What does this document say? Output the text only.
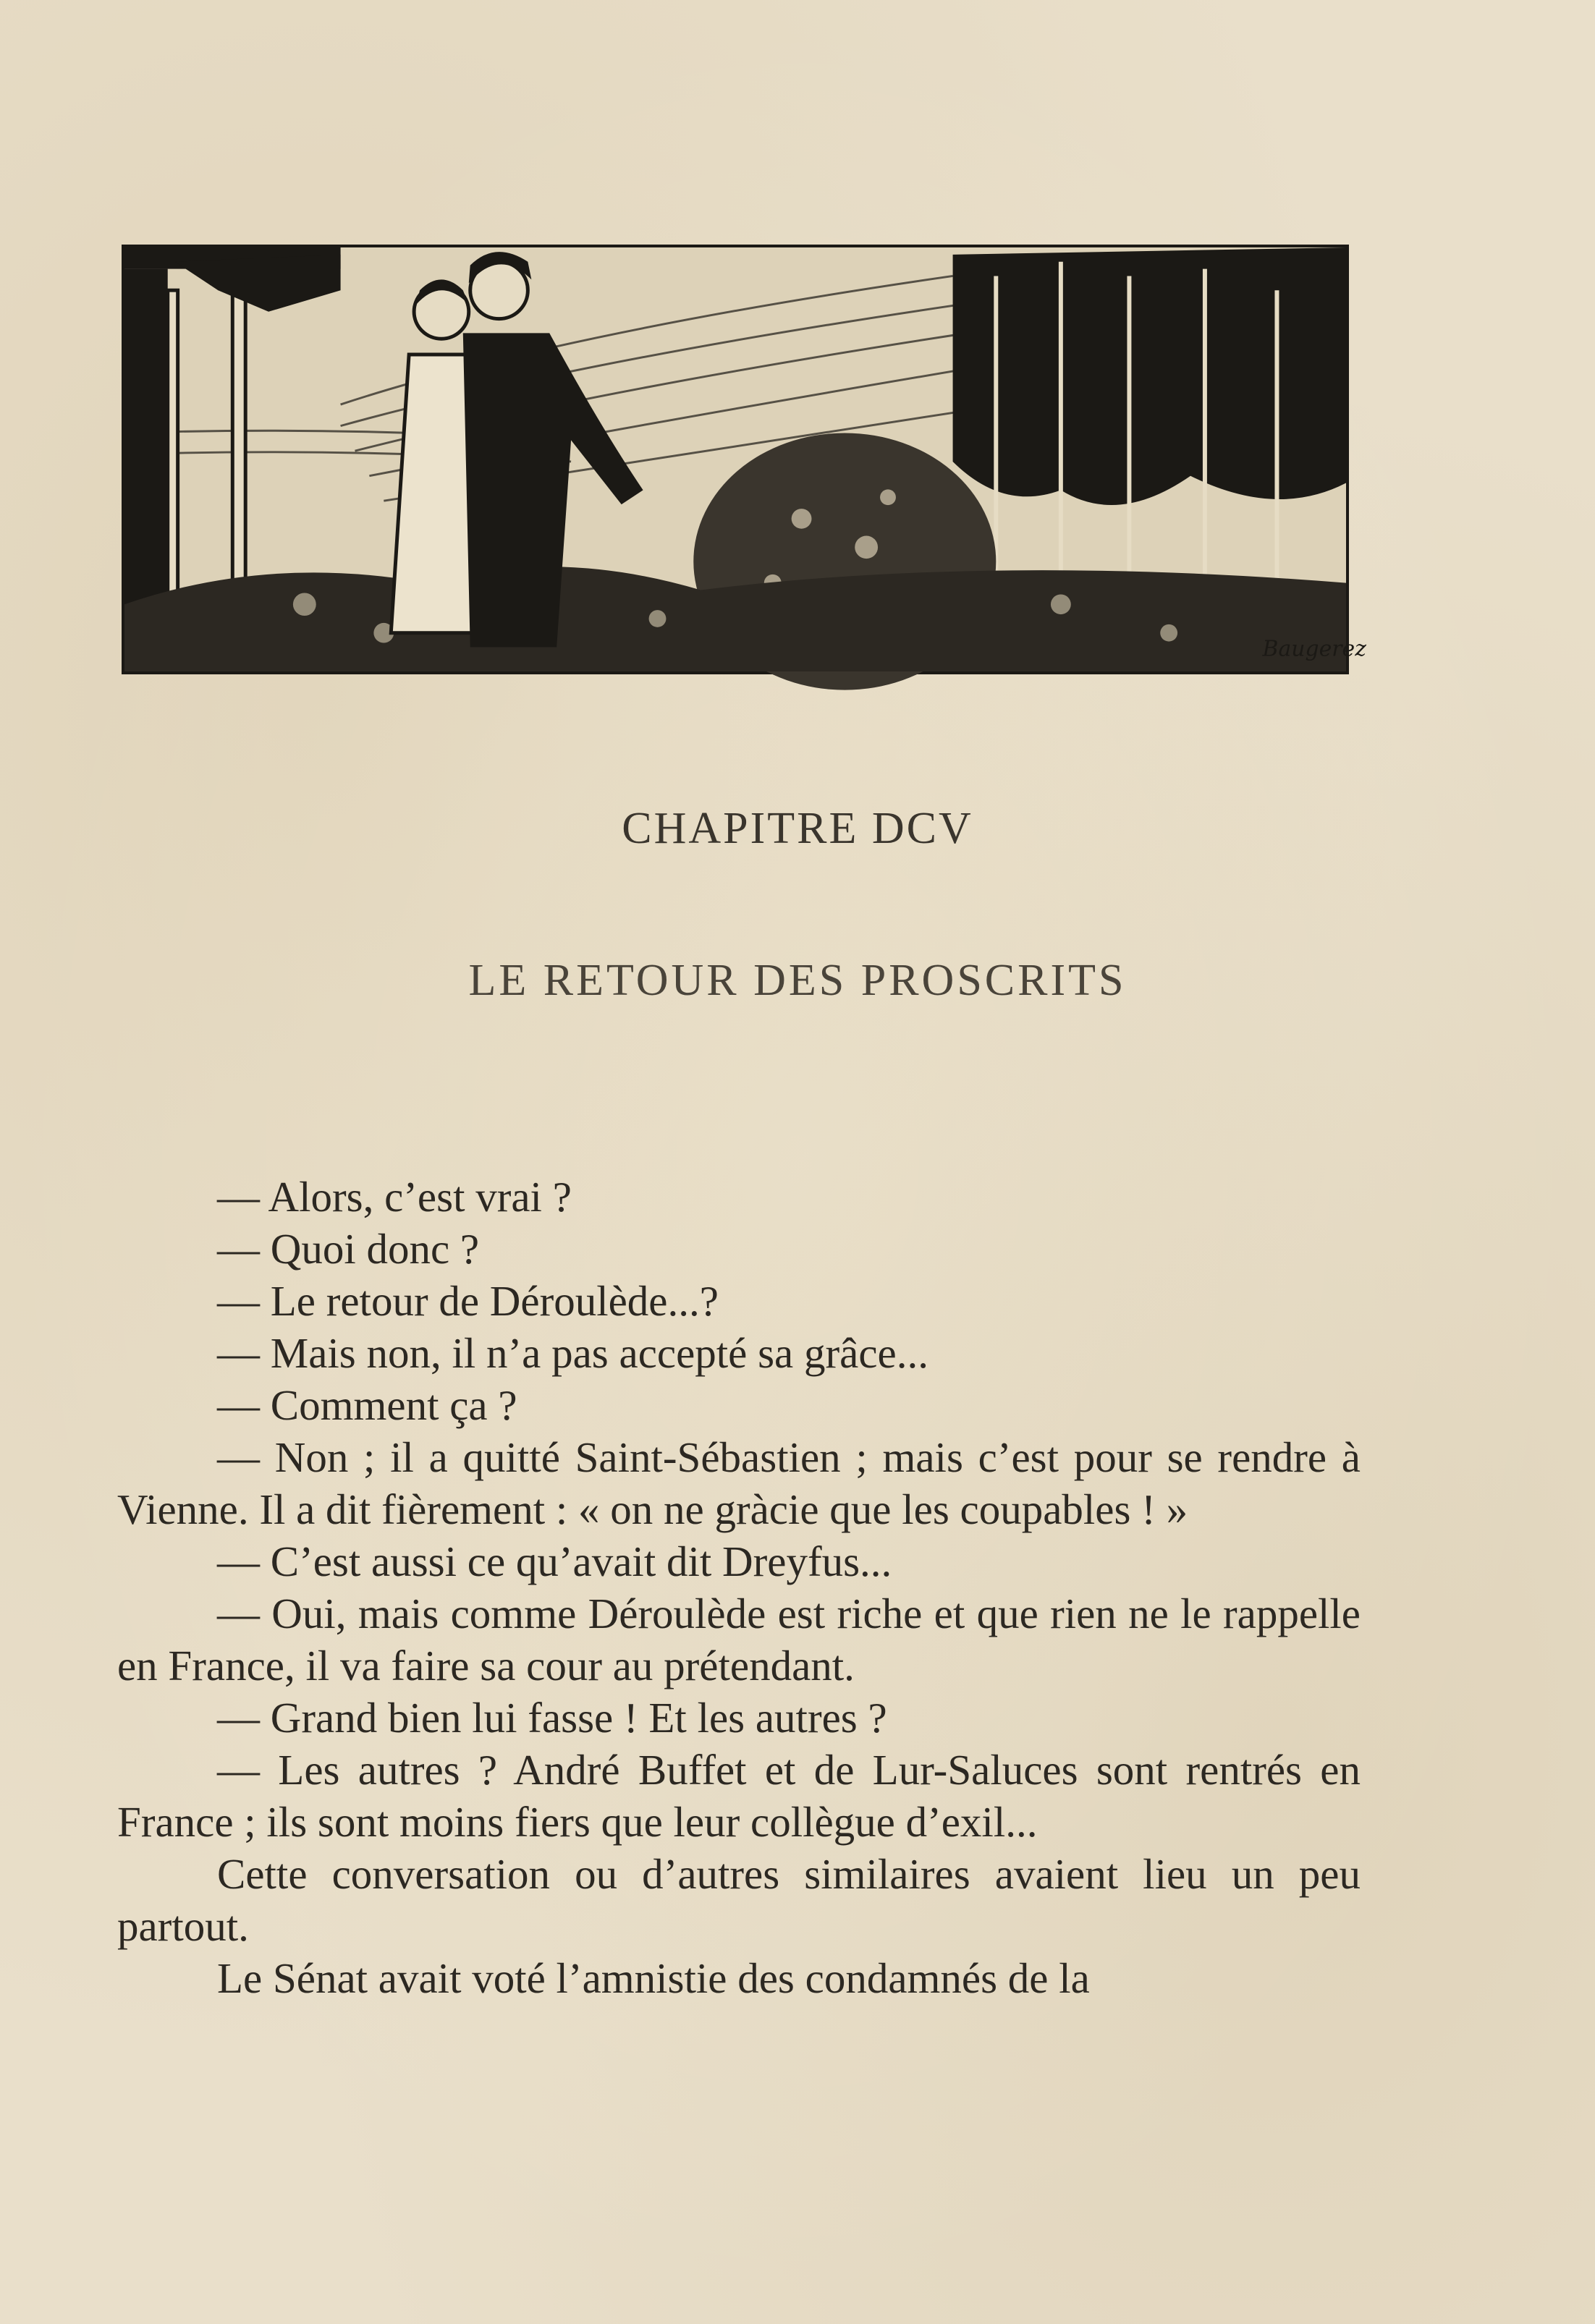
Baugerez
CHAPITRE DCV
LE RETOUR DES PROSCRITS

— Alors, c’est vrai ?

— Quoi donc ?

— Le retour de Déroulède...?

— Mais non, il n’a pas accepté sa grâce...

— Comment ça ?

— Non ; il a quitté Saint-Sébastien ; mais c’est pour se rendre à Vienne. Il a dit fièrement : « on ne gràcie que les coupables ! »

— C’est aussi ce qu’avait dit Dreyfus...

— Oui, mais comme Déroulède est riche et que rien ne le rappelle en France, il va faire sa cour au prétendant.

— Grand bien lui fasse ! Et les autres ?

— Les autres ? André Buffet et de Lur-Saluces sont rentrés en France ; ils sont moins fiers que leur collègue d’exil...

Cette conversation ou d’autres similaires avaient lieu un peu partout.

Le Sénat avait voté l’amnistie des condamnés de la
